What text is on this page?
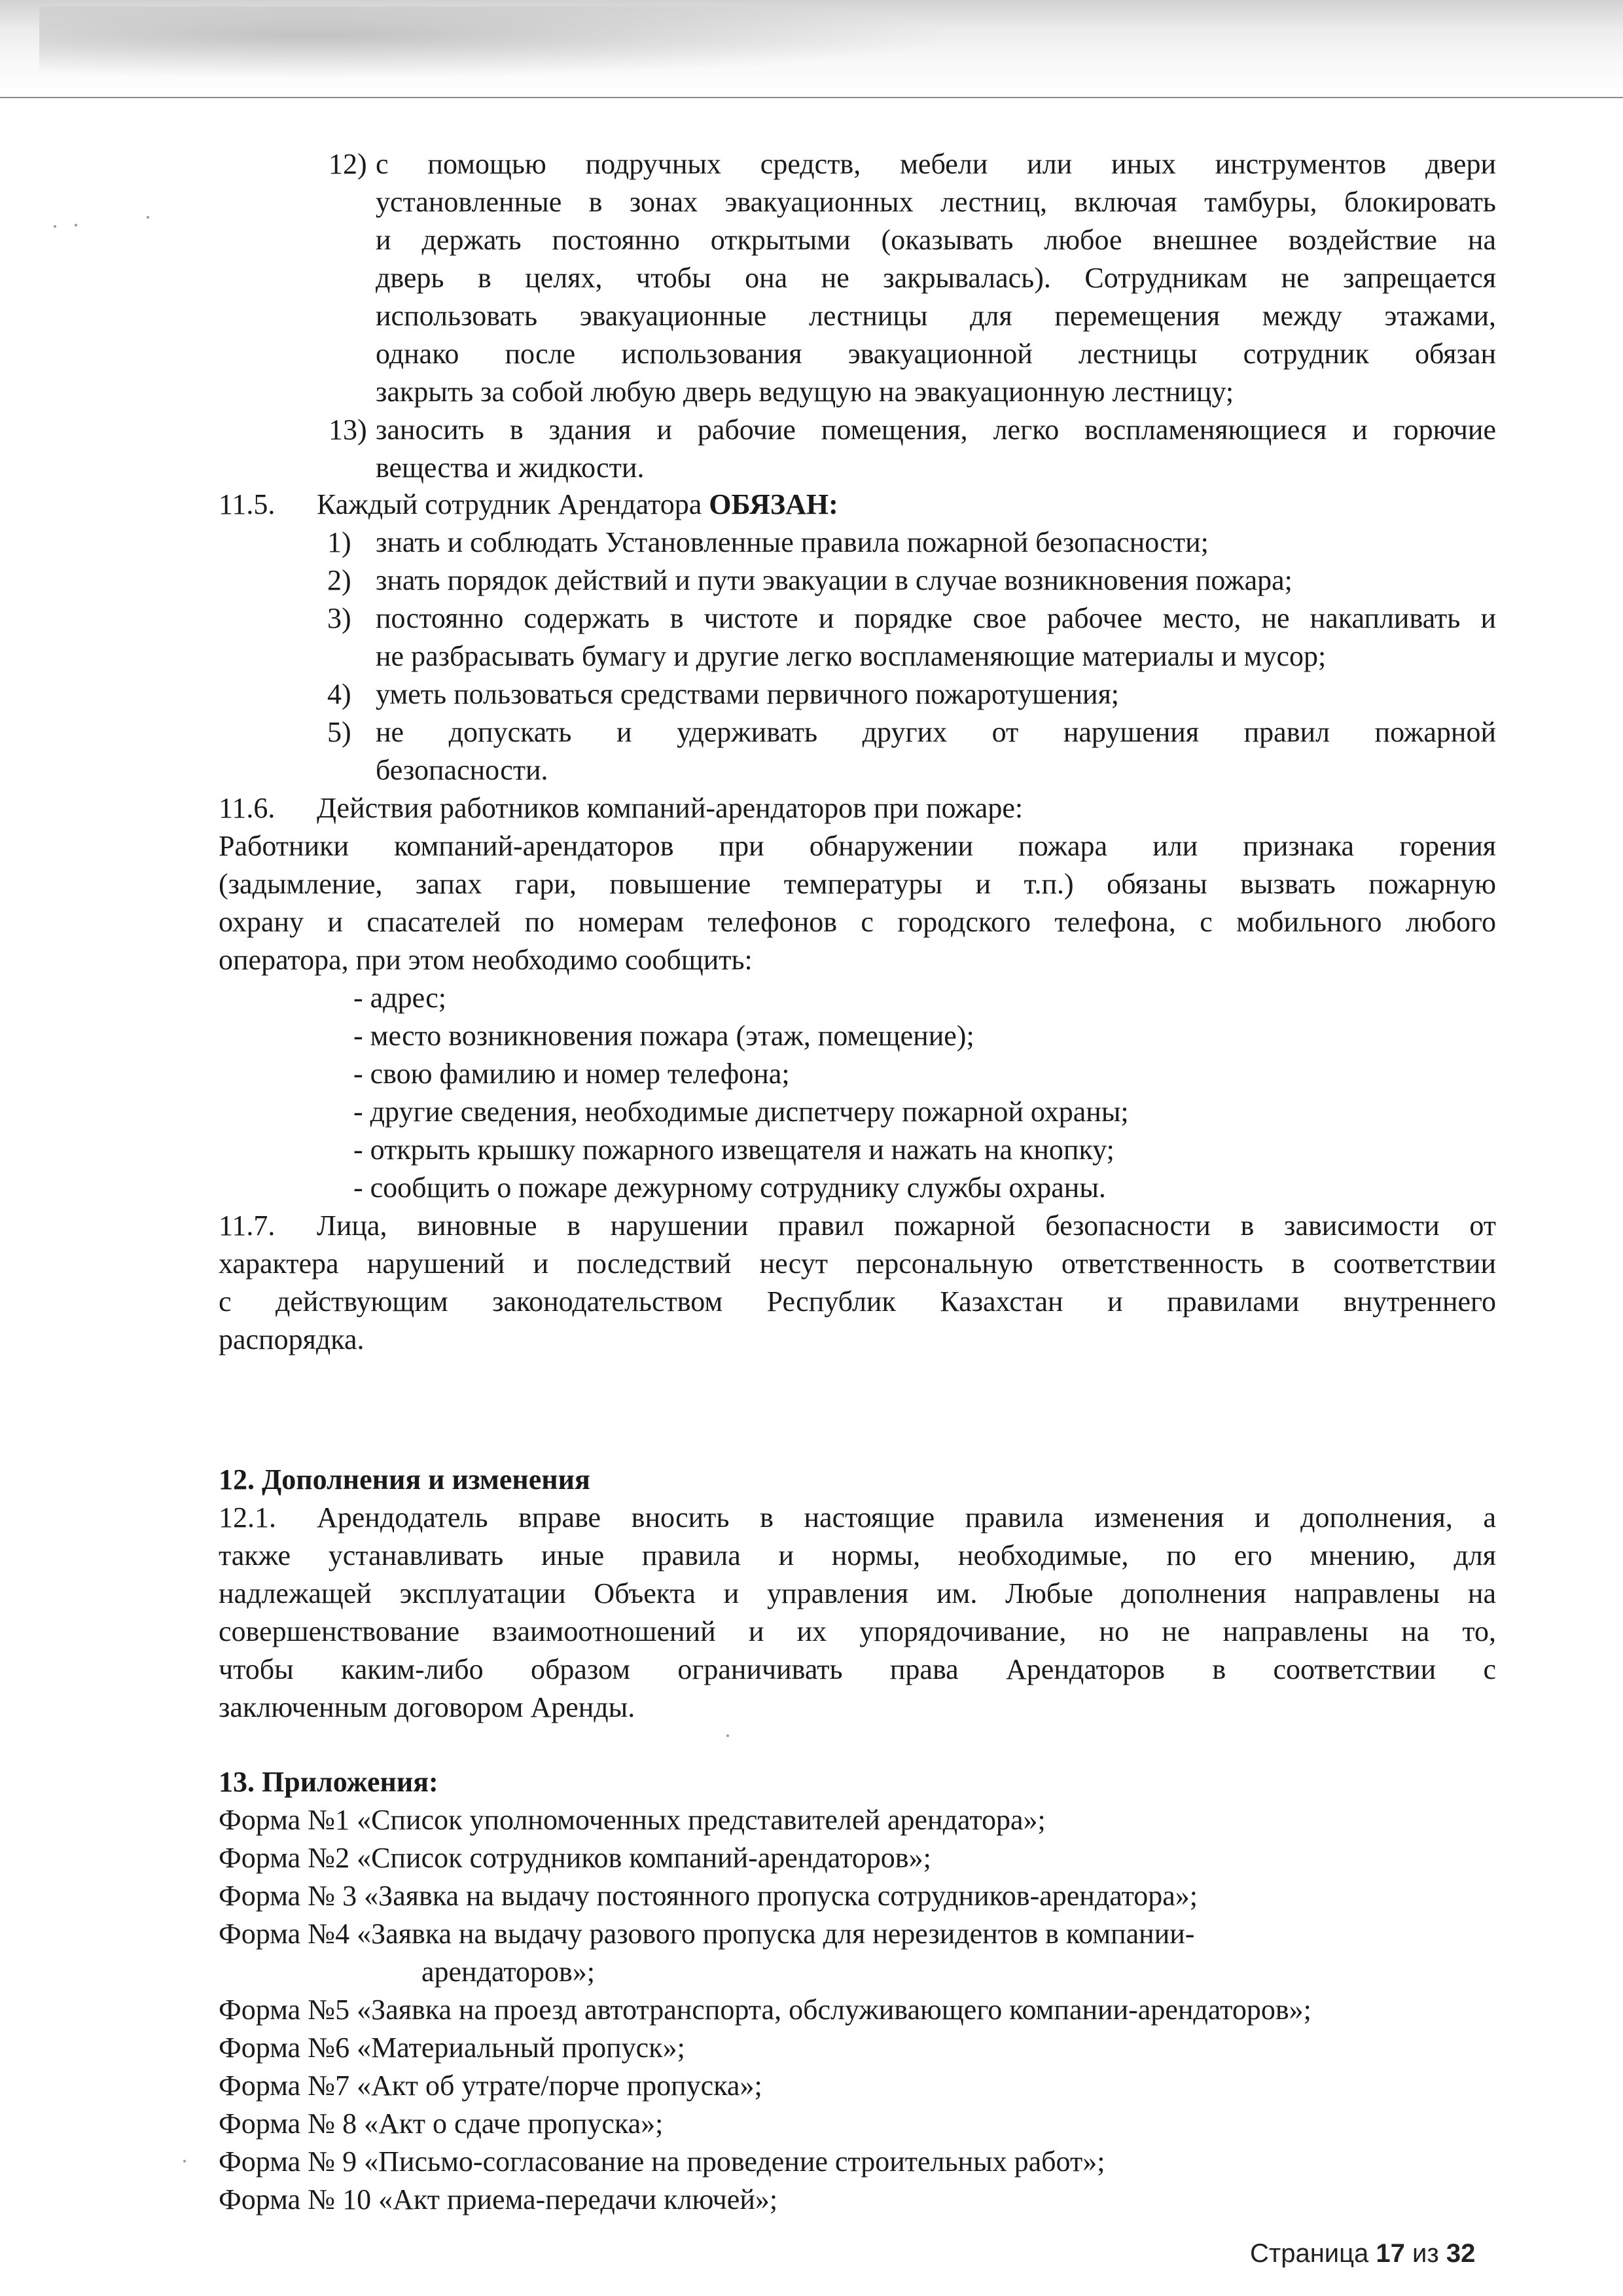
12) с помощью подручных средств, мебели или иных инструментов двери
установленные в зонах эвакуационных лестниц, включая тамбуры, блокировать
и держать постоянно открытыми (оказывать любое внешнее воздействие на
дверь в целях, чтобы она не закрывалась). Сотрудникам не запрещается
использовать эвакуационные лестницы для перемещения между этажами,
однако после использования эвакуационной лестницы сотрудник обязан
закрыть за собой любую дверь ведущую на эвакуационную лестницу;
13) заносить в здания и рабочие помещения, легко воспламеняющиеся и горючие
вещества и жидкости.
11.5. Каждый сотрудник Арендатора ОБЯЗАН:
1) знать и соблюдать Установленные правила пожарной безопасности;
2) знать порядок действий и пути эвакуации в случае возникновения пожара;
3) постоянно содержать в чистоте и порядке свое рабочее место, не накапливать и
не разбрасывать бумагу и другие легко воспламеняющие материалы и мусор;
4) уметь пользоваться средствами первичного пожаротушения;
5) не допускать и удерживать других от нарушения правил пожарной
безопасности.
11.6. Действия работников компаний-арендаторов при пожаре:
Работники компаний-арендаторов при обнаружении пожара или признака горения
(задымление, запах гари, повышение температуры и т.п.) обязаны вызвать пожарную
охрану и спасателей по номерам телефонов с городского телефона, с мобильного любого
оператора, при этом необходимо сообщить:
- адрес;
- место возникновения пожара (этаж, помещение);
- свою фамилию и номер телефона;
- другие сведения, необходимые диспетчеру пожарной охраны;
- открыть крышку пожарного извещателя и нажать на кнопку;
- сообщить о пожаре дежурному сотруднику службы охраны.
11.7. Лица, виновные в нарушении правил пожарной безопасности в зависимости от
характера нарушений и последствий несут персональную ответственность в соответствии
с действующим законодательством Республик Казахстан и правилами внутреннего
распорядка.
12. Дополнения и изменения
12.1. Арендодатель вправе вносить в настоящие правила изменения и дополнения, а
также устанавливать иные правила и нормы, необходимые, по его мнению, для
надлежащей эксплуатации Объекта и управления им. Любые дополнения направлены на
совершенствование взаимоотношений и их упорядочивание, но не направлены на то,
чтобы каким-либо образом ограничивать права Арендаторов в соответствии с
заключенным договором Аренды.
13. Приложения:
Форма №1 «Список уполномоченных представителей арендатора»;
Форма №2 «Список сотрудников компаний-арендаторов»;
Форма № 3 «Заявка на выдачу постоянного пропуска сотрудников-арендатора»;
Форма №4 «Заявка на выдачу разового пропуска для нерезидентов в компании-
арендаторов»;
Форма №5 «Заявка на проезд автотранспорта, обслуживающего компании-арендаторов»;
Форма №6 «Материальный пропуск»;
Форма №7 «Акт об утрате/порче пропуска»;
Форма № 8 «Акт о сдаче пропуска»;
Форма № 9 «Письмо-согласование на проведение строительных работ»;
Форма № 10 «Акт приема-передачи ключей»;
Страница 17 из 32
